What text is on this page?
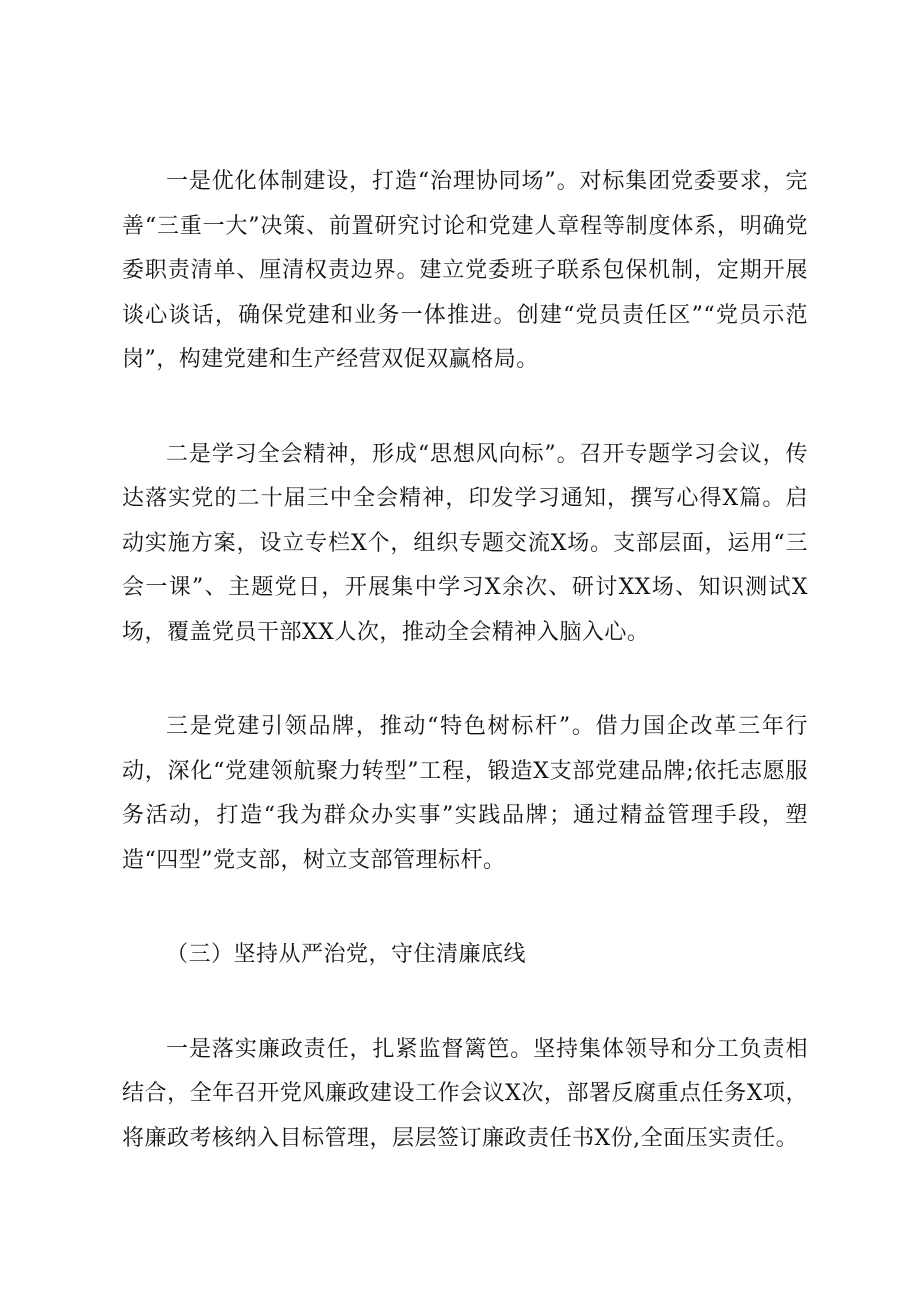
一是优化体制建设，打造“治理协同场”。对标集团党委要求，完善“三重一大”决策、前置研究讨论和党建人章程等制度体系，明确党委职责清单、厘清权责边界。建立党委班子联系包保机制，定期开展谈心谈话，确保党建和业务一体推进。创建“党员责任区”“党员示范岗”，构建党建和生产经营双促双赢格局。

二是学习全会精神，形成“思想风向标”。召开专题学习会议，传达落实党的二十届三中全会精神，印发学习通知，撰写心得X篇。启动实施方案，设立专栏X个，组织专题交流X场。支部层面，运用“三会一课”、主题党日，开展集中学习X余次、研讨XX场、知识测试X场，覆盖党员干部XX人次，推动全会精神入脑入心。

三是党建引领品牌，推动“特色树标杆”。借力国企改革三年行动，深化“党建领航聚力转型”工程，锻造X支部党建品牌;依托志愿服务活动，打造“我为群众办实事”实践品牌；通过精益管理手段，塑造“四型”党支部，树立支部管理标杆。

（三）坚持从严治党，守住清廉底线

一是落实廉政责任，扎紧监督篱笆。坚持集体领导和分工负责相结合，全年召开党风廉政建设工作会议X次，部署反腐重点任务X项，将廉政考核纳入目标管理，层层签订廉政责任书X份,全面压实责任。
